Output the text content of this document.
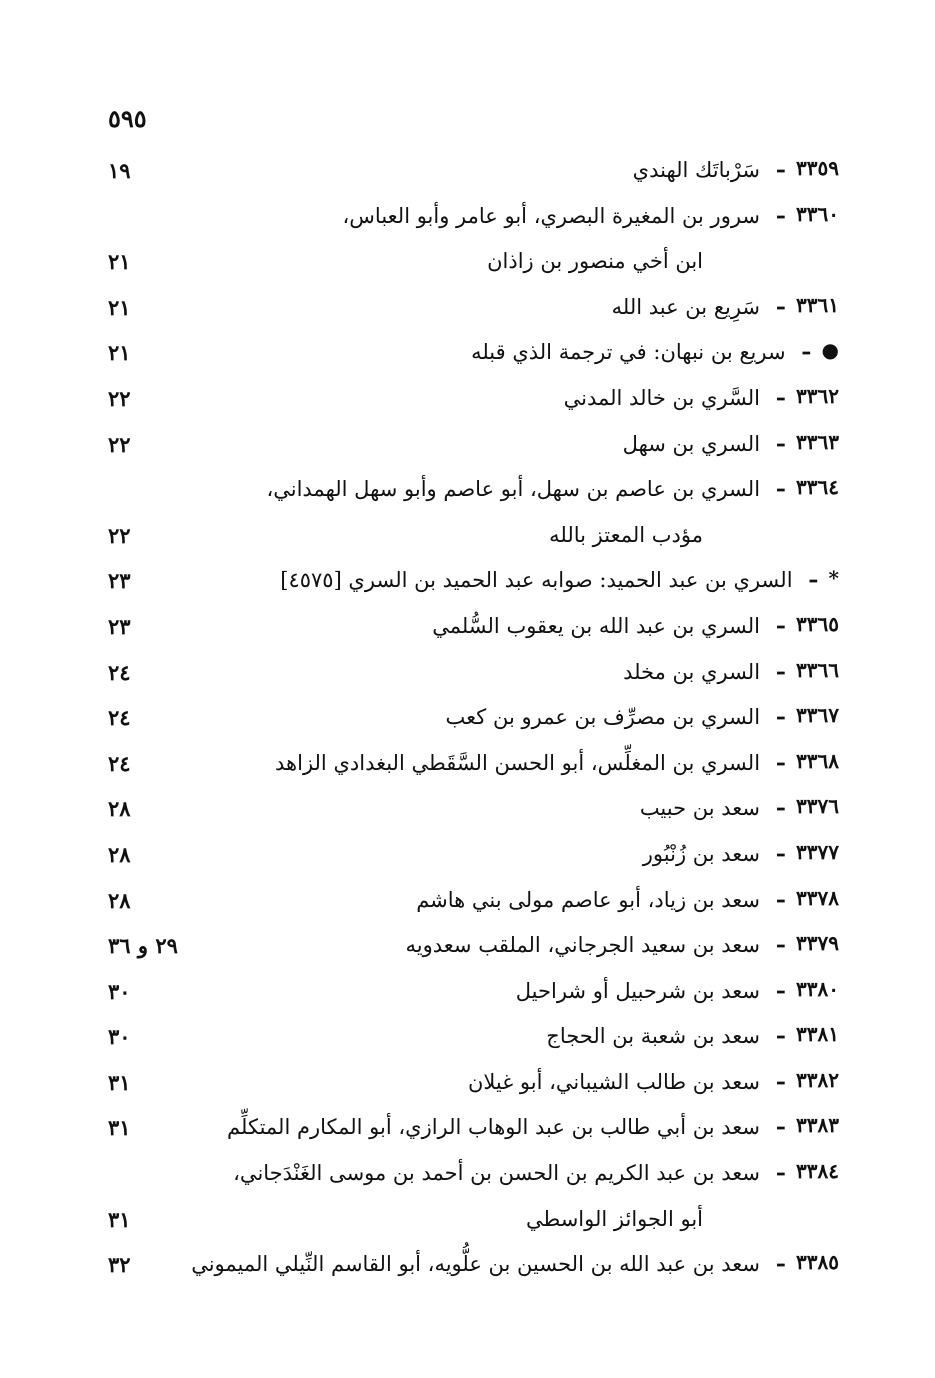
٥٩٥
٣٣٥٩
ـ
سَرْباتَك الهندي
١٩
٣٣٦٠
ـ
سرور بن المغيرة البصري، أبو عامر وأبو العباس،
ابن أخي منصور بن زاذان
٢١
٣٣٦١
ـ
سَرِيع بن عبد الله
٢١
●
ـ
سريع بن نبهان: في ترجمة الذي قبله
٢١
٣٣٦٢
ـ
السَّري بن خالد المدني
٢٢
٣٣٦٣
ـ
السري بن سهل
٢٢
٣٣٦٤
ـ
السري بن عاصم بن سهل، أبو عاصم وأبو سهل الهمداني،
مؤدب المعتز بالله
٢٢
*
ـ
السري بن عبد الحميد: صوابه عبد الحميد بن السري [٤٥٧٥]
٢٣
٣٣٦٥
ـ
السري بن عبد الله بن يعقوب السُّلمي
٢٣
٣٣٦٦
ـ
السري بن مخلد
٢٤
٣٣٦٧
ـ
السري بن مصرِّف بن عمرو بن كعب
٢٤
٣٣٦٨
ـ
السري بن المغلِّس، أبو الحسن السَّقَطي البغدادي الزاهد
٢٤
٣٣٧٦
ـ
سعد بن حبيب
٢٨
٣٣٧٧
ـ
سعد بن زُنْبُور
٢٨
٣٣٧٨
ـ
سعد بن زياد، أبو عاصم مولى بني هاشم
٢٨
٣٣٧٩
ـ
سعد بن سعيد الجرجاني، الملقب سعدويه
٢٩ و ٣٦
٣٣٨٠
ـ
سعد بن شرحبيل أو شراحيل
٣٠
٣٣٨١
ـ
سعد بن شعبة بن الحجاج
٣٠
٣٣٨٢
ـ
سعد بن طالب الشيباني، أبو غيلان
٣١
٣٣٨٣
ـ
سعد بن أبي طالب بن عبد الوهاب الرازي، أبو المكارم المتكلِّم
٣١
٣٣٨٤
ـ
سعد بن عبد الكريم بن الحسن بن أحمد بن موسى الغَنْدَجاني،
أبو الجوائز الواسطي
٣١
٣٣٨٥
ـ
سعد بن عبد الله بن الحسين بن علُّويه، أبو القاسم النِّيلي الميموني
٣٢
